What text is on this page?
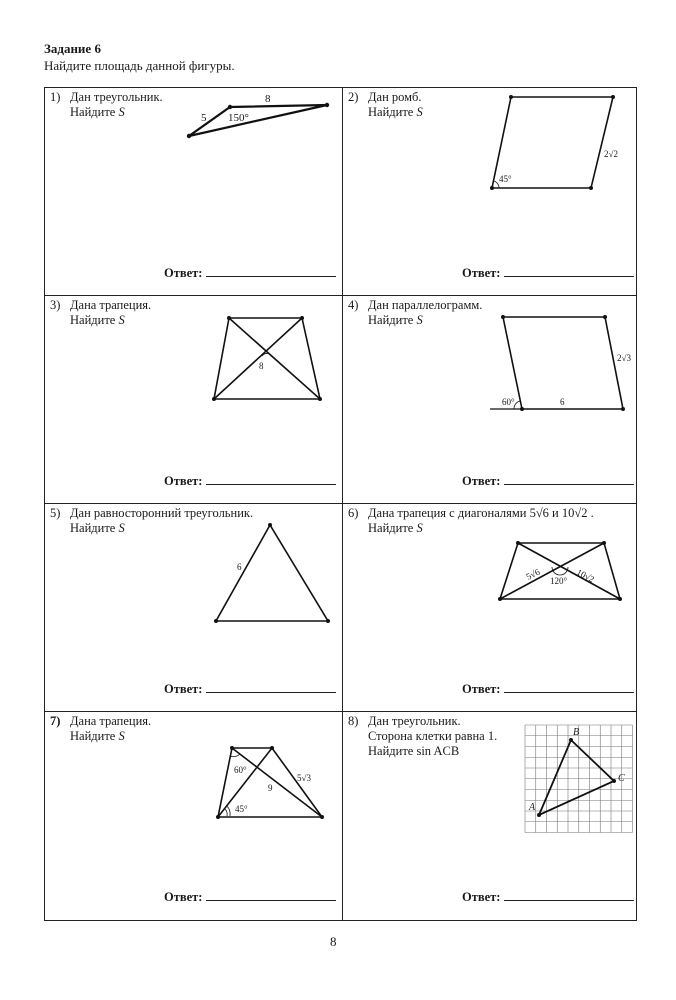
Задание 6
Найдите площадь данной фигуры.
1) Дан треугольник.
Найдите S
8
5 150°
Ответ:
2) Дан ромб.
Найдите S
45°
2√2
Ответ:
3) Дана трапеция.
Найдите S
8
Ответ:
4) Дан параллелограмм.
Найдите S
60°	6
2√3
Ответ:
5) Дан равносторонний треугольник.
Найдите S
6
Ответ:
6) Дана трапеция с диагоналями 5√6 и 10√2 .
Найдите S
5√6	10√2
120°
Ответ:
7) Дана трапеция.
Найдите S
60°
9
5√3
45°
Ответ:
8) Дан треугольник.
Сторона клетки равна 1.
Найдите sin ACB
A
B
C
Ответ:
8
